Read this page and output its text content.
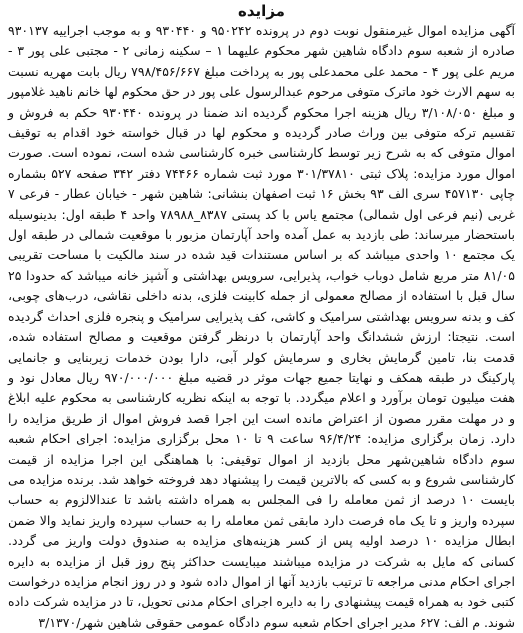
مزایده

آگهی مزایده اموال غیرمنقول نوبت دوم در پرونده ۹۵۰۲۴۲ و ۹۳۰۴۴۰ و به موجب اجراییه ۹۳۰۱۳۷ صادره از شعبه سوم دادگاه شاهین شهر محکوم علیهما ۱ – سکینه زمانی ۲ - مجتبی علی پور ۳ - مریم علی پور ۴ - محمد علی محمدعلی پور به پرداخت مبلغ ۷۹۸/۴۵۶/۶۶۷ ریال بابت مهریه نسبت به سهم الارث خود ماترک متوفی مرحوم عبدالرسول علی پور در حق محکوم لها خانم ناهید غلامپور و مبلغ ۳/۱۰۸/۰۵۰ ریال هزینه اجرا محکوم گردیده اند ضمنا در پرونده ۹۳۰۴۴۰ حکم به فروش و تقسیم ترکه متوفی بین وراث صادر گردیده و محکوم لها در قبال خواسته خود اقدام به توقیف اموال متوفی که به شرح زیر توسط کارشناسی خبره کارشناسی شده است، نموده است. صورت اموال مورد مزایده: پلاک ثبتی ۳۰۱/۳۷۸۱۰ مورد ثبت شماره ۷۴۴۶۶ دفتر ۳۴۲ صفحه ۵۲۷ بشماره چاپی ۴۵۷۱۳۰ سری الف ۹۳ بخش ۱۶ ثبت اصفهان بنشانی: شاهین شهر - خیابان عطار - فرعی ۷ غربی (نیم فرعی اول شمالی) مجتمع یاس با کد پستی ۸۳۸۷_۷۸۹۸۸ واحد ۴ طبقه اول: بدینوسیله باستحضار میرساند: طی بازدید به عمل آمده واحد آپارتمان مزبور با موقعیت شمالی در طبقه اول یک مجتمع ۱۰ واحدی میباشد که بر اساس مستندات قید شده در سند مالکیت با مساحت تقریبی ۸۱/۰۵ متر مربع شامل دوباب خواب، پذیرایی، سرویس بهداشتی و آشپز خانه میباشد که حدودا ۲۵ سال قبل با استفاده از مصالح معمولی از جمله کابینت فلزی، بدنه داخلی نقاشی، درب‌های چوبی، کف و بدنه سرویس بهداشتی سرامیک و کاشی، کف پذیرایی سرامیک و پنجره فلزی احداث گردیده است. نتیجتا: ارزش ششدانگ واحد آپارتمان با درنظر گرفتن موقعیت و مصالح استفاده شده، قدمت بنا، تامین گرمایش بخاری و سرمایش کولر آبی، دارا بودن خدمات زیربنایی و جانمایی پارکینگ در طبقه همکف و نهایتا جمیع جهات موثر در قضیه مبلغ ۹۷۰/۰۰۰/۰۰۰ ریال معادل نود و هفت میلیون تومان برآورد و اعلام میگردد. با توجه به اینکه نظریه کارشناسی به محکوم علیه ابلاغ و در مهلت مقرر مصون از اعتراض مانده است این اجرا قصد فروش اموال از طریق مزایده را دارد. زمان برگزاری مزایده: ۹۶/۴/۲۴ ساعت ۹ تا ۱۰ محل برگزاری مزایده: اجرای احکام شعبه سوم دادگاه شاهین‌شهر محل بازدید از اموال توقیفی: با هماهنگی این اجرا مزایده از قیمت کارشناسی شروع و به کسی که بالاترین قیمت را پیشنهاد دهد فروخته خواهد شد. برنده مزایده می بایست ۱۰ درصد از ثمن معامله را فی المجلس به همراه داشته باشد تا عندالالزوم به حساب سپرده واریز و تا یک ماه فرصت دارد مابقی ثمن معامله را به حساب سپرده واریز نماید والا ضمن ابطال مزایده ۱۰ درصد اولیه پس از کسر هزینه‌های مزایده به صندوق دولت واریز می گردد. کسانی که مایل به شرکت در مزایده میباشند میبایست حداکثر پنج روز قبل از مزایده به دایره اجرای احکام مدنی مراجعه تا ترتیب بازدید آنها از اموال داده شود و در روز انجام مزایده درخواست کتبی خود به همراه قیمت پیشنهادی را به دایره اجرای احکام مدنی تحویل، تا در مزایده شرکت داده شوند. م الف: ۶۲۷ مدیر اجرای احکام شعبه سوم دادگاه عمومی حقوقی شاهین شهر/۳/۱۳۷۰
